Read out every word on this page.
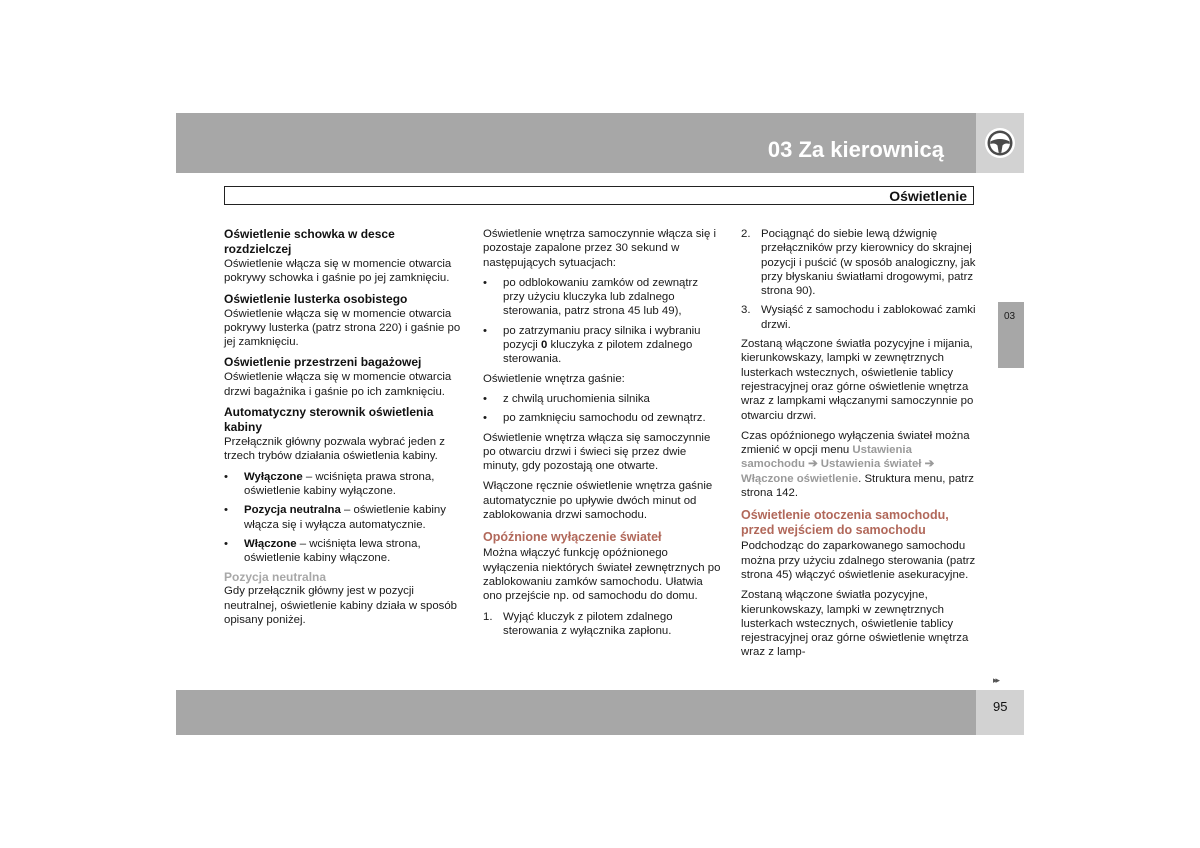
03 Za kierownicą
Oświetlenie
Oświetlenie schowka w desce rozdzielczej

Oświetlenie włącza się w momencie otwarcia pokrywy schowka i gaśnie po jej zamknięciu.

Oświetlenie lusterka osobistego

Oświetlenie włącza się w momencie otwarcia pokrywy lusterka (patrz strona 220) i gaśnie po jej zamknięciu.

Oświetlenie przestrzeni bagażowej

Oświetlenie włącza się w momencie otwarcia drzwi bagażnika i gaśnie po ich zamknięciu.

Automatyczny sterownik oświetlenia kabiny

Przełącznik główny pozwala wybrać jeden z trzech trybów działania oświetlenia kabiny.

• Wyłączone – wciśnięta prawa strona, oświetlenie kabiny wyłączone.

• Pozycja neutralna – oświetlenie kabiny włącza się i wyłącza automatycznie.

• Włączone – wciśnięta lewa strona, oświetlenie kabiny włączone.

Pozycja neutralna

Gdy przełącznik główny jest w pozycji neutralnej, oświetlenie kabiny działa w sposób opisany poniżej.

Oświetlenie wnętrza samoczynnie włącza się i pozostaje zapalone przez 30 sekund w następujących sytuacjach:

• po odblokowaniu zamków od zewnątrz przy użyciu kluczyka lub zdalnego sterowania, patrz strona 45 lub 49),

• po zatrzymaniu pracy silnika i wybraniu pozycji 0 kluczyka z pilotem zdalnego sterowania.

Oświetlenie wnętrza gaśnie:

• z chwilą uruchomienia silnika

• po zamknięciu samochodu od zewnątrz.

Oświetlenie wnętrza włącza się samoczynnie po otwarciu drzwi i świeci się przez dwie minuty, gdy pozostają one otwarte.

Włączone ręcznie oświetlenie wnętrza gaśnie automatycznie po upływie dwóch minut od zablokowania drzwi samochodu.

Opóźnione wyłączenie świateł

Można włączyć funkcję opóźnionego wyłączenia niektórych świateł zewnętrznych po zablokowaniu zamków samochodu. Ułatwia ono przejście np. od samochodu do domu.

1. Wyjąć kluczyk z pilotem zdalnego sterowania z wyłącznika zapłonu.

2. Pociągnąć do siebie lewą dźwignię przełączników przy kierownicy do skrajnej pozycji i puścić (w sposób analogiczny, jak przy błyskaniu światłami drogowymi, patrz strona 90).

3. Wysiąść z samochodu i zablokować zamki drzwi.

Zostaną włączone światła pozycyjne i mijania, kierunkowskazy, lampki w zewnętrznych lusterkach wstecznych, oświetlenie tablicy rejestracyjnej oraz górne oświetlenie wnętrza wraz z lampkami włączanymi samoczynnie po otwarciu drzwi.

Czas opóźnionego wyłączenia świateł można zmienić w opcji menu Ustawienia samochodu ➔ Ustawienia świateł ➔ Włączone oświetlenie. Struktura menu, patrz strona 142.

Oświetlenie otoczenia samochodu, przed wejściem do samochodu

Podchodząc do zaparkowanego samochodu można przy użyciu zdalnego sterowania (patrz strona 45) włączyć oświetlenie asekuracyjne.

Zostaną włączone światła pozycyjne, kierunkowskazy, lampki w zewnętrznych lusterkach wstecznych, oświetlenie tablicy rejestracyjnej oraz górne oświetlenie wnętrza wraz z lamp-

03
▸▸
95
